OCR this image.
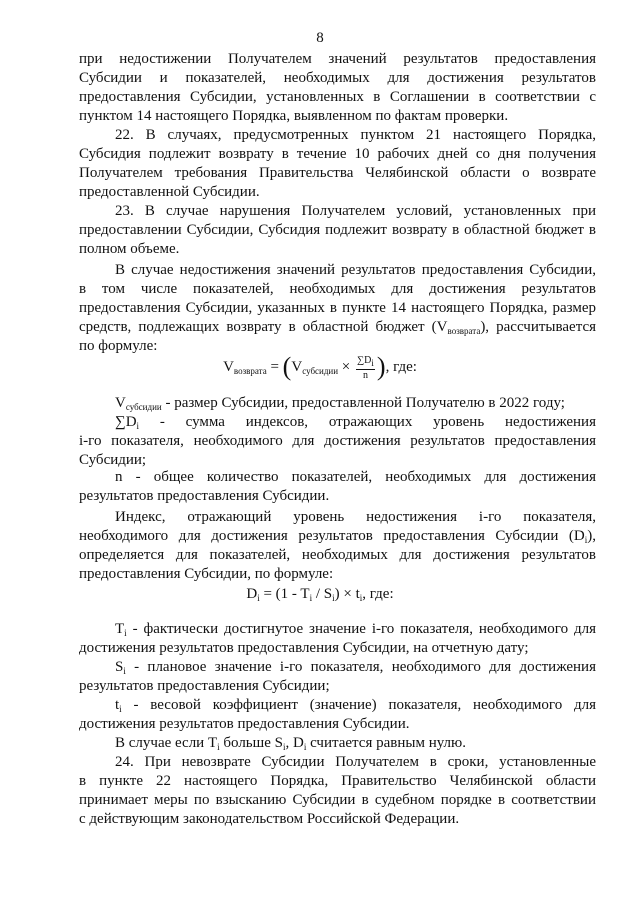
8
при недостижении Получателем значений результатов предоставления
Субсидии и показателей, необходимых для достижения результатов
предоставления Субсидии, установленных в Соглашении в соответствии с
пунктом 14 настоящего Порядка, выявленном по фактам проверки.
22. В случаях, предусмотренных пунктом 21 настоящего Порядка,
Субсидия подлежит возврату в течение 10 рабочих дней со дня получения
Получателем требования Правительства Челябинской области о возврате
предоставленной Субсидии.
23. В случае нарушения Получателем условий, установленных при
предоставлении Субсидии, Субсидия подлежит возврату в областной бюджет в
полном объеме.
В случае недостижения значений результатов предоставления Субсидии,
в том числе показателей, необходимых для достижения результатов
предоставления Субсидии, указанных в пункте 14 настоящего Порядка, размер
средств, подлежащих возврату в областной бюджет $(V_{возврата})$, рассчитывается
по формуле:
$V_{возврата} = (V_{субсидии} \times \frac{\sum D_i}{n}$ ), где:
$V_{субсидии}$ - размер Субсидии, предоставленной Получателю в 2022 году;
$\sum D_i$ - сумма индексов, отражающих уровень недостижения
i-го показателя, необходимого для достижения результатов предоставления
Субсидии;
n - общее количество показателей, необходимых для достижения
результатов предоставления Субсидии.
Индекс, отражающий уровень недостижения i-го показателя,
необходимого для достижения результатов предоставления Субсидии $(D_i)$,
определяется для показателей, необходимых для достижения результатов
предоставления Субсидии, по формуле:
$D_i = (1 - T_i / S_i) \times t_i$, где:
$T_i$ - фактически достигнутое значение i-го показателя, необходимого для
достижения результатов предоставления Субсидии, на отчетную дату;
$S_i$ - плановое значение i-го показателя, необходимого для достижения
результатов предоставления Субсидии;
$t_i$ - весовой коэффициент (значение) показателя, необходимого для
достижения результатов предоставления Субсидии.
В случае если $T_i$ больше $S_i$, $D_i$ считается равным нулю.
24. При невозврате Субсидии Получателем в сроки, установленные
в пункте 22 настоящего Порядка, Правительство Челябинской области
принимает меры по взысканию Субсидии в судебном порядке в соответствии
с действующим законодательством Российской Федерации.
